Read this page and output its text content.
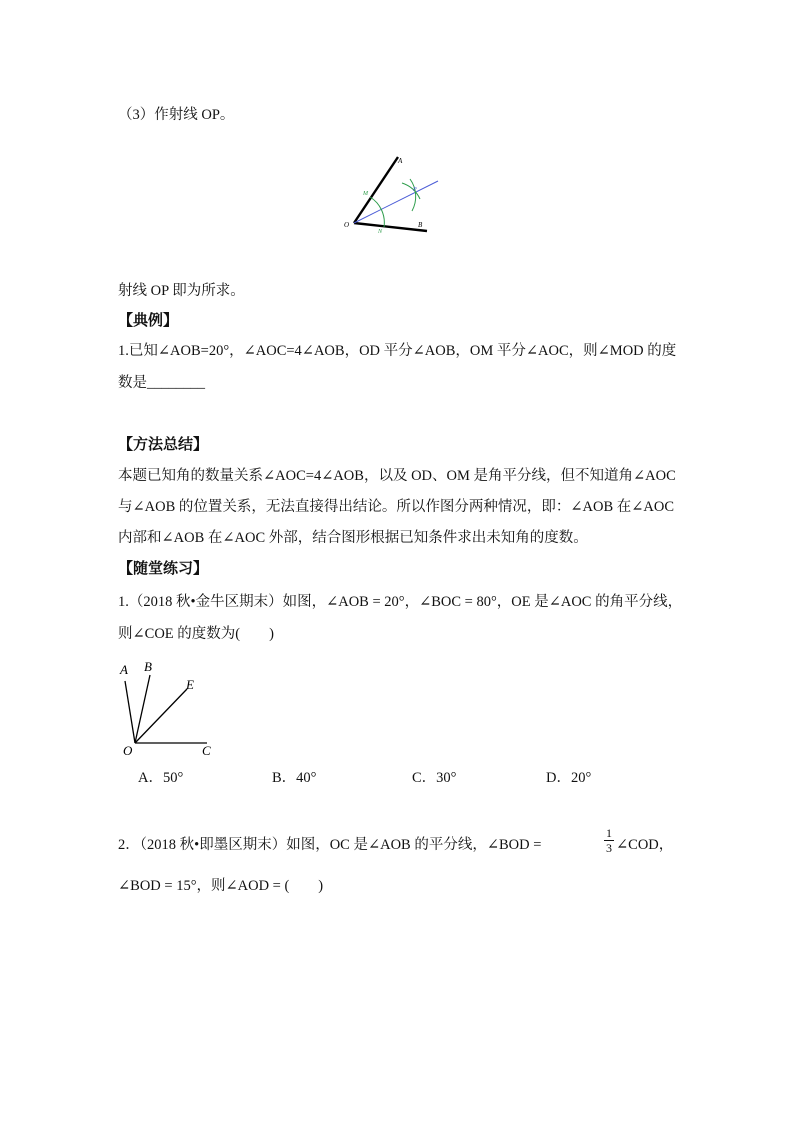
（3）作射线 OP。
A
B
O
M
N
P
射线 OP 即为所求。
【典例】
1.已知∠AOB=20°，∠AOC=4∠AOB，OD 平分∠AOB，OM 平分∠AOC，则∠MOD 的度
数是________
【方法总结】
本题已知角的数量关系∠AOC=4∠AOB，以及 OD、OM 是角平分线，但不知道角∠AOC
与∠AOB 的位置关系，无法直接得出结论。所以作图分两种情况，即：∠AOB 在∠AOC
内部和∠AOB 在∠AOC 外部，结合图形根据已知条件求出未知角的度数。
【随堂练习】
1.（2018 秋•金牛区期末）如图，∠AOB = 20°，∠BOC = 80°，OE 是∠AOC 的角平分线，
则∠COE 的度数为(　　)
A B
E
O	C
A．50°	B．40°	C．30°	D．20°
2．（2018 秋•即墨区期末）如图，OC 是∠AOB 的平分线，∠BOD =	$\frac{1}{3}$ ∠COD，
∠BOD = 15°，则∠AOD = (　　)
